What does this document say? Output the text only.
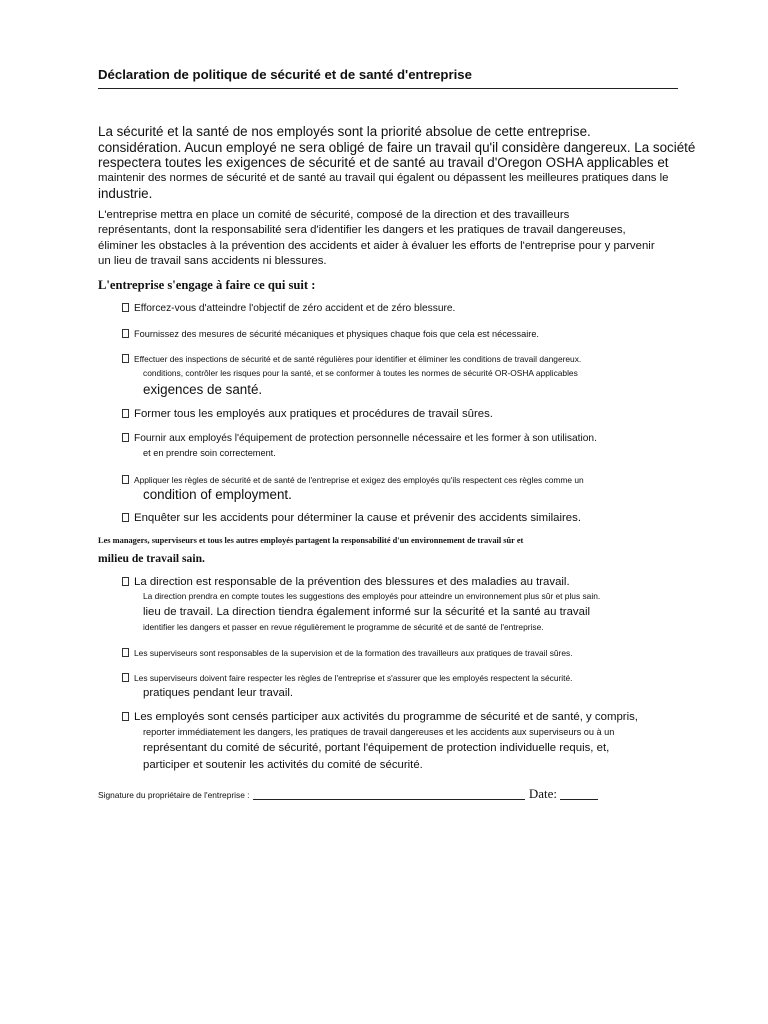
Déclaration de politique de sécurité et de santé d'entreprise
La sécurité et la santé de nos employés sont la priorité absolue de cette entreprise.
considération. Aucun employé ne sera obligé de faire un travail qu'il considère dangereux. La société
respectera toutes les exigences de sécurité et de santé au travail d'Oregon OSHA applicables et
maintenir des normes de sécurité et de santé au travail qui égalent ou dépassent les meilleures pratiques dans le
industrie.
L'entreprise mettra en place un comité de sécurité, composé de la direction et des travailleurs
représentants, dont la responsabilité sera d'identifier les dangers et les pratiques de travail dangereuses,
éliminer les obstacles à la prévention des accidents et aider à évaluer les efforts de l'entreprise pour y parvenir
un lieu de travail sans accidents ni blessures.
L'entreprise s'engage à faire ce qui suit :
Efforcez-vous d'atteindre l'objectif de zéro accident et de zéro blessure.
Fournissez des mesures de sécurité mécaniques et physiques chaque fois que cela est nécessaire.
Effectuer des inspections de sécurité et de santé régulières pour identifier et éliminer les conditions de travail dangereux.
conditions, contrôler les risques pour la santé, et se conformer à toutes les normes de sécurité OR-OSHA applicables
exigences de santé.
Former tous les employés aux pratiques et procédures de travail sûres.
Fournir aux employés l'équipement de protection personnelle nécessaire et les former à son utilisation.
et en prendre soin correctement.
Appliquer les règles de sécurité et de santé de l'entreprise et exigez des employés qu'ils respectent ces règles comme un
condition of employment.
Enquêter sur les accidents pour déterminer la cause et prévenir des accidents similaires.
Les managers, superviseurs et tous les autres employés partagent la responsabilité d'un environnement de travail sûr et
milieu de travail sain.
La direction est responsable de la prévention des blessures et des maladies au travail.
La direction prendra en compte toutes les suggestions des employés pour atteindre un environnement plus sûr et plus sain.
lieu de travail. La direction tiendra également informé sur la sécurité et la santé au travail
identifier les dangers et passer en revue régulièrement le programme de sécurité et de santé de l'entreprise.
Les superviseurs sont responsables de la supervision et de la formation des travailleurs aux pratiques de travail sûres.
Les superviseurs doivent faire respecter les règles de l'entreprise et s'assurer que les employés respectent la sécurité.
pratiques pendant leur travail.
Les employés sont censés participer aux activités du programme de sécurité et de santé, y compris,
reporter immédiatement les dangers, les pratiques de travail dangereuses et les accidents aux superviseurs ou à un
représentant du comité de sécurité, portant l'équipement de protection individuelle requis, et,
participer et soutenir les activités du comité de sécurité.
Signature du propriétaire de l'entreprise :	Date:
